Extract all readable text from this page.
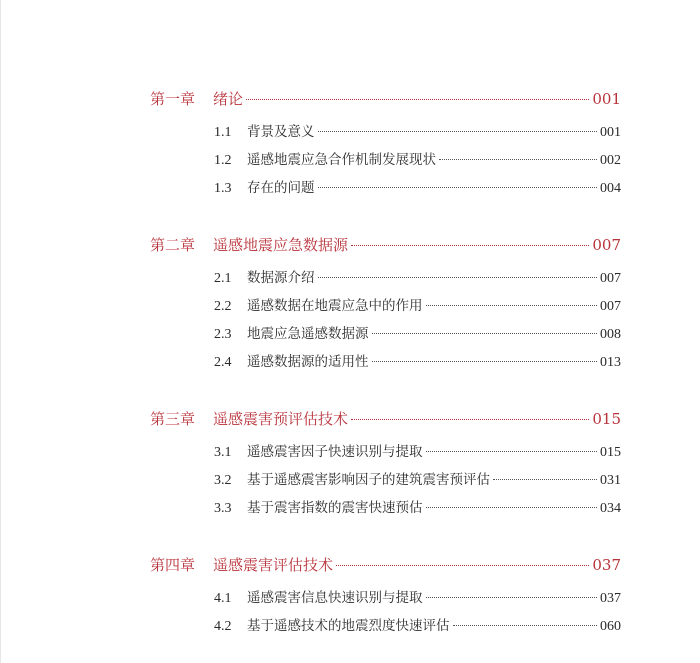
第一章 绪论	001
1.1	背景及意义	001
1.2	遥感地震应急合作机制发展现状	002
1.3	存在的问题	004
第二章 遥感地震应急数据源	007
2.1	数据源介绍	007
2.2	遥感数据在地震应急中的作用	007
2.3	地震应急遥感数据源	008
2.4	遥感数据源的适用性	013
第三章 遥感震害预评估技术	015
3.1	遥感震害因子快速识别与提取	015
3.2	基于遥感震害影响因子的建筑震害预评估	031
3.3	基于震害指数的震害快速预估	034
第四章 遥感震害评估技术	037
4.1	遥感震害信息快速识别与提取	037
4.2	基于遥感技术的地震烈度快速评估	060
